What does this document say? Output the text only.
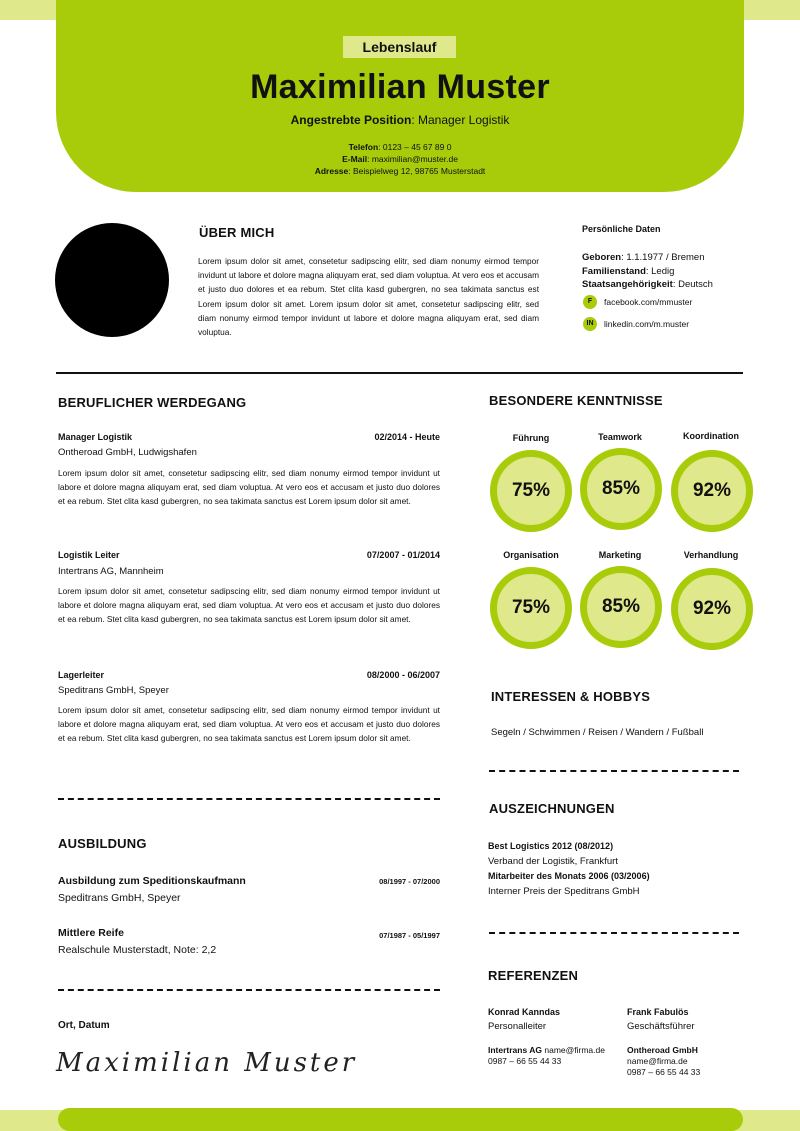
Lebenslauf
Maximilian Muster
Angestrebte Position: Manager Logistik
Telefon: 0123 – 45 67 89 0
E-Mail: maximilian@muster.de
Adresse: Beispielweg 12, 98765 Musterstadt
ÜBER MICH

Lorem ipsum dolor sit amet, consetetur sadipscing elitr, sed diam nonumy eirmod tempor invidunt ut labore et dolore magna aliquyam erat, sed diam voluptua. At vero eos et accusam et justo duo dolores et ea rebum. Stet clita kasd gubergren, no sea takimata sanctus est Lorem ipsum dolor sit amet. Lorem ipsum dolor sit amet, consetetur sadipscing elitr, sed diam nonumy eirmod tempor invidunt ut labore et dolore magna aliquyam erat, sed diam voluptua.

Persönliche Daten
Geboren: 1.1.1977 / Bremen
Familienstand: Ledig
Staatsangehörigkeit: Deutsch
F	facebook.com/mmuster
IN	linkedin.com/m.muster
BERUFLICHER WERDEGANG
Manager Logistik	02/2014 - Heute
Ontheroad GmbH, Ludwigshafen

Lorem ipsum dolor sit amet, consetetur sadipscing elitr, sed diam nonumy eirmod tempor invidunt ut labore et dolore magna aliquyam erat, sed diam voluptua. At vero eos et accusam et justo duo dolores et ea rebum. Stet clita kasd gubergren, no sea takimata sanctus est Lorem ipsum dolor sit amet.

Logistik Leiter	07/2007 - 01/2014
Intertrans AG, Mannheim

Lorem ipsum dolor sit amet, consetetur sadipscing elitr, sed diam nonumy eirmod tempor invidunt ut labore et dolore magna aliquyam erat, sed diam voluptua. At vero eos et accusam et justo duo dolores et ea rebum. Stet clita kasd gubergren, no sea takimata sanctus est Lorem ipsum dolor sit amet.

Lagerleiter	08/2000 - 06/2007
Speditrans GmbH, Speyer

Lorem ipsum dolor sit amet, consetetur sadipscing elitr, sed diam nonumy eirmod tempor invidunt ut labore et dolore magna aliquyam erat, sed diam voluptua. At vero eos et accusam et justo duo dolores et ea rebum. Stet clita kasd gubergren, no sea takimata sanctus est Lorem ipsum dolor sit amet.

AUSBILDUNG
Ausbildung zum Speditionskaufmann	08/1997 - 07/2000
Speditrans GmbH, Speyer
Mittlere Reife	07/1987 - 05/1997
Realschule Musterstadt, Note: 2,2
Ort, Datum
Maximilian Muster
BESONDERE KENNTNISSE
Führung	Teamwork	Koordination
75%	85%	92%
Organisation	Marketing	Verhandlung
75%	85%	92%
INTERESSEN & HOBBYS
Segeln / Schwimmen / Reisen / Wandern / Fußball
AUSZEICHNUNGEN
Best Logistics 2012 (08/2012)
Verband der Logistik, Frankfurt
Mitarbeiter des Monats 2006 (03/2006)
Interner Preis der Speditrans GmbH
REFERENZEN
Konrad Kanndas
Personalleiter
Intertrans AG name@firma.de
0987 – 66 55 44 33
Frank Fabulös
Geschäftsführer
Ontheroad GmbH
name@firma.de
0987 – 66 55 44 33
